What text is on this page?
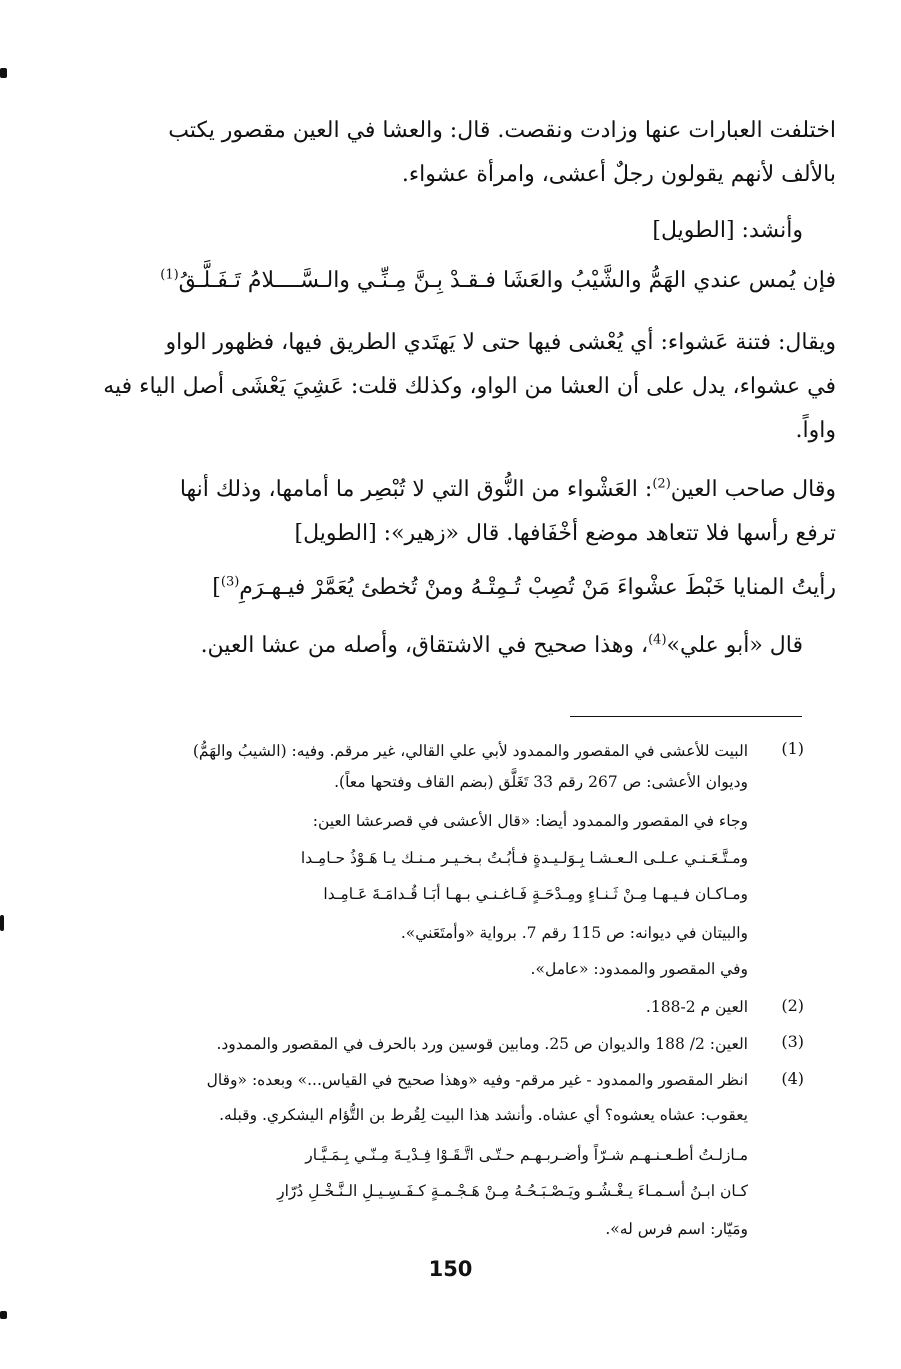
اختلفت العبارات عنها وزادت ونقصت. قال: والعشا في العين مقصور يكتب

بالألف لأنهم يقولون رجلٌ أعشى، وامرأة عشواء.

وأنشد: [الطويل]

فإن يُمس عندي الهَمُّ والشَّيْبُ والعَشَا فـقـدْ بِـنَّ مِـنِّـي والـسَّــــلامُ تَـفَـلَّـقُ$^{(1)}$

ويقال: فتنة عَشواء: أي يُعْشى فيها حتى لا يَهتَدي الطريق فيها، فظهور الواو

في عشواء، يدل على أن العشا من الواو، وكذلك قلت: عَشِيَ يَعْشَى أصل الياء فيه

واواً.

وقال صاحب العين$^{(2)}$: العَشْواء من النُّوق التي لا تُبْصِر ما أمامها، وذلك أنها

ترفع رأسها فلا تتعاهد موضع أخْفَافها. قال «زهير»: [الطويل]

رأيتُ المنايا خَبْطَ عشْواءَ مَنْ تُصِبْ تُـمِتْـهُ ومنْ تُخطئ يُعَمَّرْ فيـهـرَمِ$^{(3)}$]

قال «أبو علي»$^{(4)}$، وهذا صحيح في الاشتقاق، وأصله من عشا العين.

(1)

البيت للأعشى في المقصور والممدود لأبي علي القالي، غير مرقم. وفيه: (الشيبُ والهَمُّ)

وديوان الأعشى: ص 267 رقم 33 تَغَلَّق (بضم القاف وفتحها معاً).

وجاء في المقصور والممدود أيضا: «قال الأعشى في قصرعشا العين:

ومـتَّـعَـنـي عـلـى الـعـشـا بِـوَلـيـدةٍ فـأبُـتُ بـخـيـر مـنـك يـا هَـوْذُ حـامِـدا

ومـاكـان فـيـهـا مِـنْ ثَـنـاءٍ ومِـدْحَـةٍ فَـاغـنـي بـهـا أبَـا قُـدامَـةَ عَـامِـدا

والبيتان في ديوانه: ص 115 رقم 7. برواية «وأمتَعَني».

وفي المقصور والممدود: «عامل».

(2)

العين م 2-188.

(3)

العين: 2/ 188 والديوان ص 25. ومابين قوسين ورد بالحرف في المقصور والممدود.

(4)

انظر المقصور والممدود - غير مرقم- وفيه «وهذا صحيح في القياس...» وبعده: «وقال

يعقوب: عشاه يعشوه؟ أي عشاه. وأنشد هذا البيت لِقُرط بن التُّؤام اليشكري. وقبله.

مـازلـتُ أطـعـنـهـم شـرّاً وأضـربـهـم حـتّـى اتَّـقَـوْا فِـدْيـةَ مِـنّـي بِـمَـيَّـار

كـان ابـنُ أسـمـاءَ يـغْـشُـو ويَـصْـبَـحُـهُ مِـنْ هَـجْـمـةٍ كـفَـسِـيـلِ الـنَّـخْـلِ دُرّارِ

ومَيّار: اسم فرس له».

150
